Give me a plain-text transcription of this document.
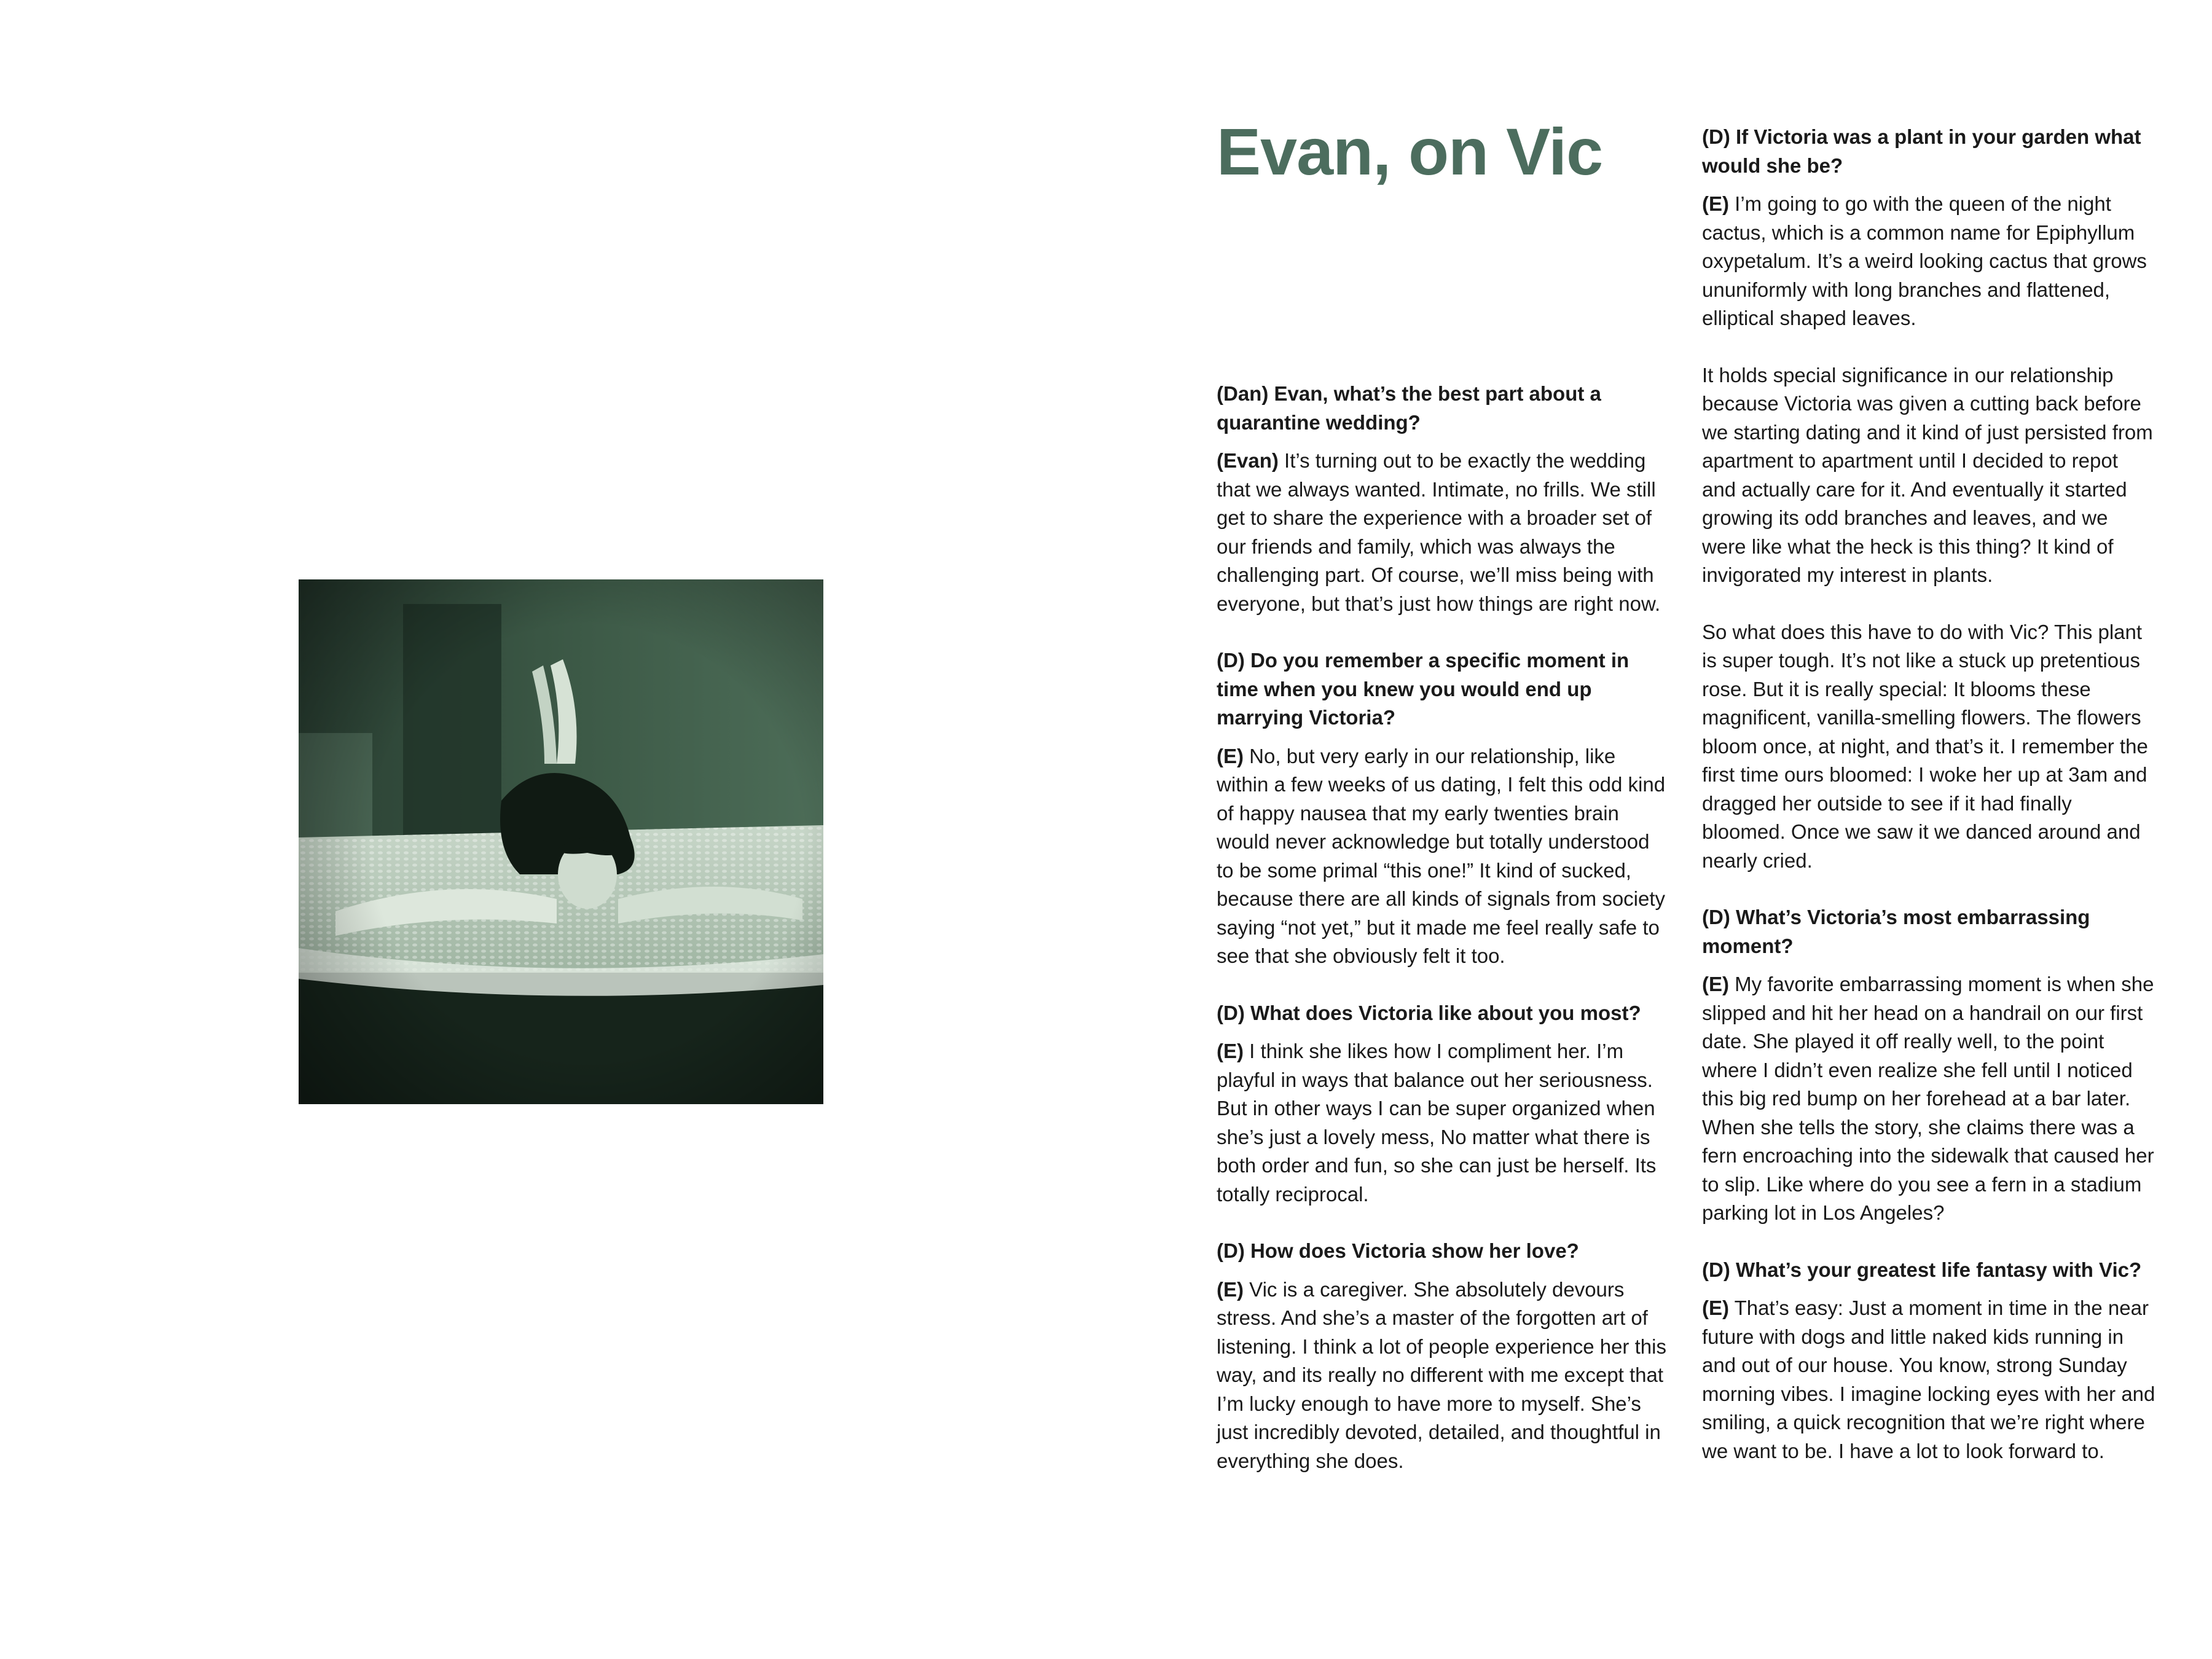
Evan, on Vic
(Dan) Evan, what’s the best part about a quarantine wedding?

(Evan) It’s turning out to be exactly the wedding that we always wanted. Intimate, no frills. We still get to share the experience with a broader set of our friends and family, which was always the challenging part. Of course, we’ll miss being with everyone, but that’s just how things are right now.

(D) Do you remember a specific moment in time when you knew you would end up marrying Victoria?

(E) No, but very early in our relationship, like within a few weeks of us dating, I felt this odd kind of happy nausea that my early twenties brain would never acknowledge but totally understood to be some primal “this one!” It kind of sucked, because there are all kinds of signals from society saying “not yet,” but it made me feel really safe to see that she obviously felt it too.

(D) What does Victoria like about you most?

(E) I think she likes how I compliment her. I’m playful in ways that balance out her seriousness. But in other ways I can be super organized when she’s just a lovely mess, No matter what there is both order and fun, so she can just be herself. Its totally reciprocal.

(D) How does Victoria show her love?

(E) Vic is a caregiver. She absolutely devours stress. And she’s a master of the forgotten art of listening. I think a lot of people experience her this way, and its really no different with me except that I’m lucky enough to have more to myself. She’s just incredibly devoted, detailed, and thoughtful in everything she does.

(D) If Victoria was a plant in your garden what would she be?

(E) I’m going to go with the queen of the night cactus, which is a common name for Epiphyllum oxypetalum. It’s a weird looking cactus that grows ununiformly with long branches and flattened, elliptical shaped leaves.

It holds special significance in our relationship because Victoria was given a cutting back before we starting dating and it kind of just persisted from apartment to apartment until I decided to repot and actually care for it. And eventually it started growing its odd branches and leaves, and we were like what the heck is this thing? It kind of invigorated my interest in plants.

So what does this have to do with Vic? This plant is super tough. It’s not like a stuck up pretentious rose. But it is really special: It blooms these magnificent, vanilla-smelling flowers. The flowers bloom once, at night, and that’s it. I remember the first time ours bloomed: I woke her up at 3am and dragged her outside to see if it had finally bloomed. Once we saw it we danced around and nearly cried.

(D) What’s Victoria’s most embarrassing moment?

(E) My favorite embarrassing moment is when she slipped and hit her head on a handrail on our first date. She played it off really well, to the point where I didn’t even realize she fell until I noticed this big red bump on her forehead at a bar later. When she tells the story, she claims there was a fern encroaching into the sidewalk that caused her to slip. Like where do you see a fern in a stadium parking lot in Los Angeles?

(D) What’s your greatest life fantasy with Vic?

(E) That’s easy: Just a moment in time in the near future with dogs and little naked kids running in and out of our house. You know, strong Sunday morning vibes. I imagine locking eyes with her and smiling, a quick recognition that we’re right where we want to be. I have a lot to look forward to.
